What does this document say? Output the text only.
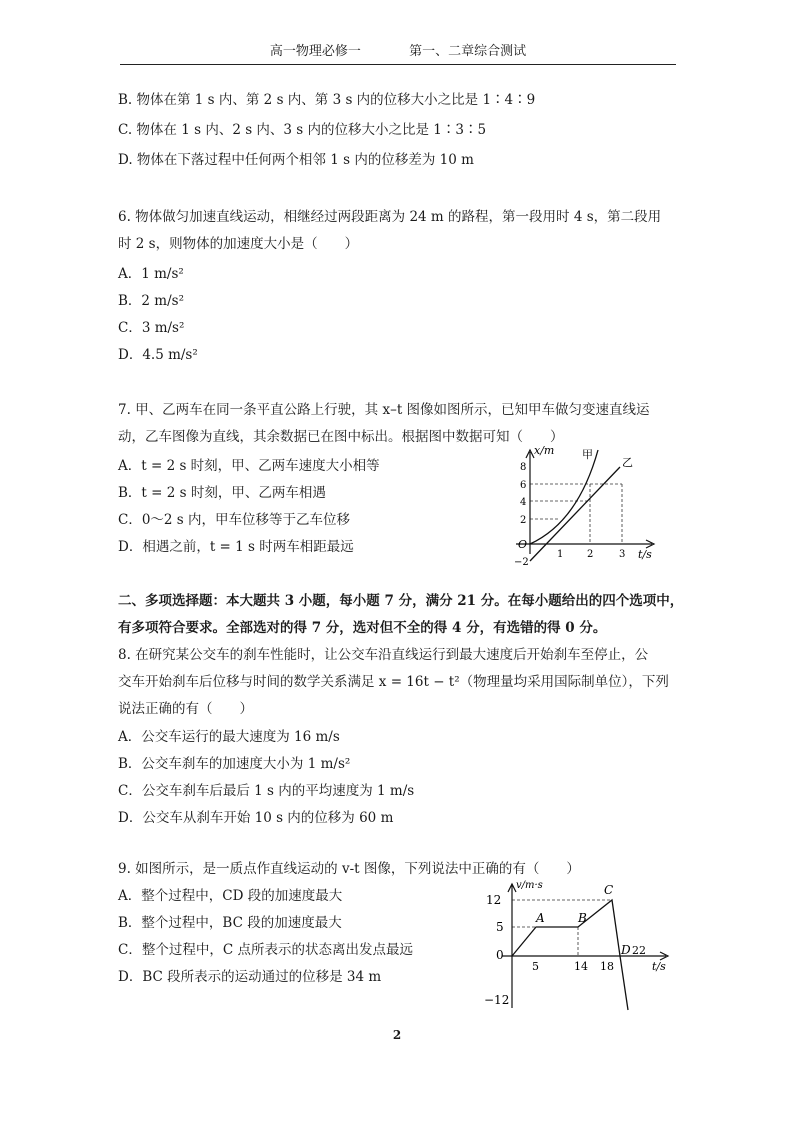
高一物理必修一	第一、二章综合测试
B. 物体在第 1 s 内、第 2 s 内、第 3 s 内的位移大小之比是 1∶4∶9
C. 物体在 1 s 内、2 s 内、3 s 内的位移大小之比是 1∶3∶5
D. 物体在下落过程中任何两个相邻 1 s 内的位移差为 10 m
6. 物体做匀加速直线运动，相继经过两段距离为 24 m 的路程，第一段用时 4 s，第二段用
时 2 s，则物体的加速度大小是（　　）
A．1 m/s²
B．2 m/s²
C．3 m/s²
D．4.5 m/s²
7. 甲、乙两车在同一条平直公路上行驶，其 x–t 图像如图所示，已知甲车做匀变速直线运
动，乙车图像为直线，其余数据已在图中标出。根据图中数据可知（　　）
A．t = 2 s 时刻，甲、乙两车速度大小相等
B．t = 2 s 时刻，甲、乙两车相遇
C．0～2 s 内，甲车位移等于乙车位移
D．相遇之前，t = 1 s 时两车相距最远
x/m
t/s
O
甲
乙
8
6
4
2
−2
1 2	3
二、多项选择题：本大题共 3 小题，每小题 7 分，满分 21 分。在每小题给出的四个选项中，
有多项符合要求。全部选对的得 7 分，选对但不全的得 4 分，有选错的得 0 分。
8. 在研究某公交车的刹车性能时，让公交车沿直线运行到最大速度后开始刹车至停止，公
交车开始刹车后位移与时间的数学关系满足 x = 16t − t²（物理量均采用国际制单位），下列
说法正确的有（　　）
A．公交车运行的最大速度为 16 m/s
B．公交车刹车的加速度大小为 1 m/s²
C．公交车刹车后最后 1 s 内的平均速度为 1 m/s
D．公交车从刹车开始 10 s 内的位移为 60 m
9. 如图所示，是一质点作直线运动的 v-t 图像，下列说法中正确的有（　　）
A．整个过程中，CD 段的加速度最大
B．整个过程中，BC 段的加速度最大
C．整个过程中，C 点所表示的状态离出发点最远
D．BC 段所表示的运动通过的位移是 34 m
v/m·s
t/s
12
5
0
−12
5	14 18
22
A	B
C
D
2
